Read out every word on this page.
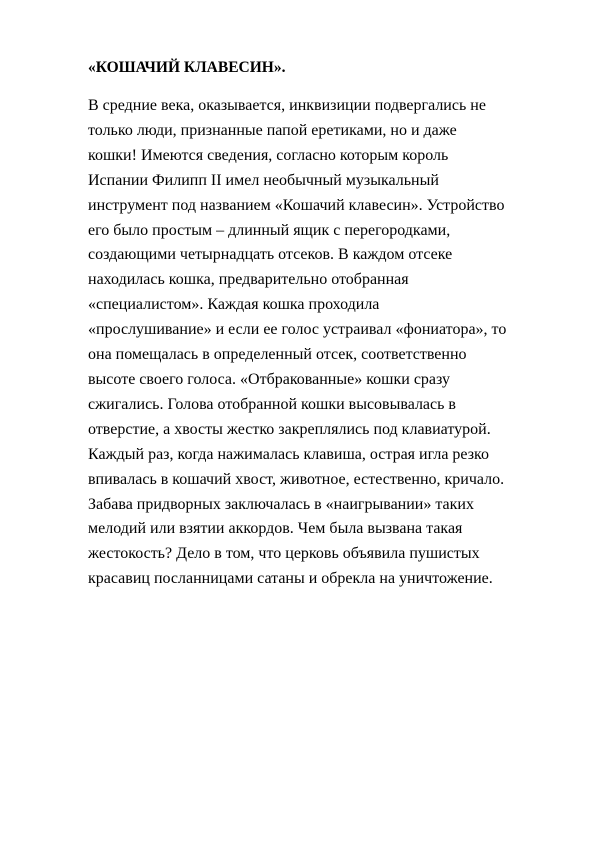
«КОШАЧИЙ КЛАВЕСИН».
В средние века, оказывается, инквизиции подвергались не
только люди, признанные папой еретиками, но и даже
кошки! Имеются сведения, согласно которым король
Испании Филипп II имел необычный музыкальный
инструмент под названием «Кошачий клавесин». Устройство
его было простым – длинный ящик с перегородками,
создающими четырнадцать отсеков. В каждом отсеке
находилась кошка, предварительно отобранная
«специалистом». Каждая кошка проходила
«прослушивание» и если ее голос устраивал «фониатора», то
она помещалась в определенный отсек, соответственно
высоте своего голоса. «Отбракованные» кошки сразу
сжигались. Голова отобранной кошки высовывалась в
отверстие, а хвосты жестко закреплялись под клавиатурой.
Каждый раз, когда нажималась клавиша, острая игла резко
впивалась в кошачий хвост, животное, естественно, кричало.
Забава придворных заключалась в «наигрывании» таких
мелодий или взятии аккордов. Чем была вызвана такая
жестокость? Дело в том, что церковь объявила пушистых
красавиц посланницами сатаны и обрекла на уничтожение.
